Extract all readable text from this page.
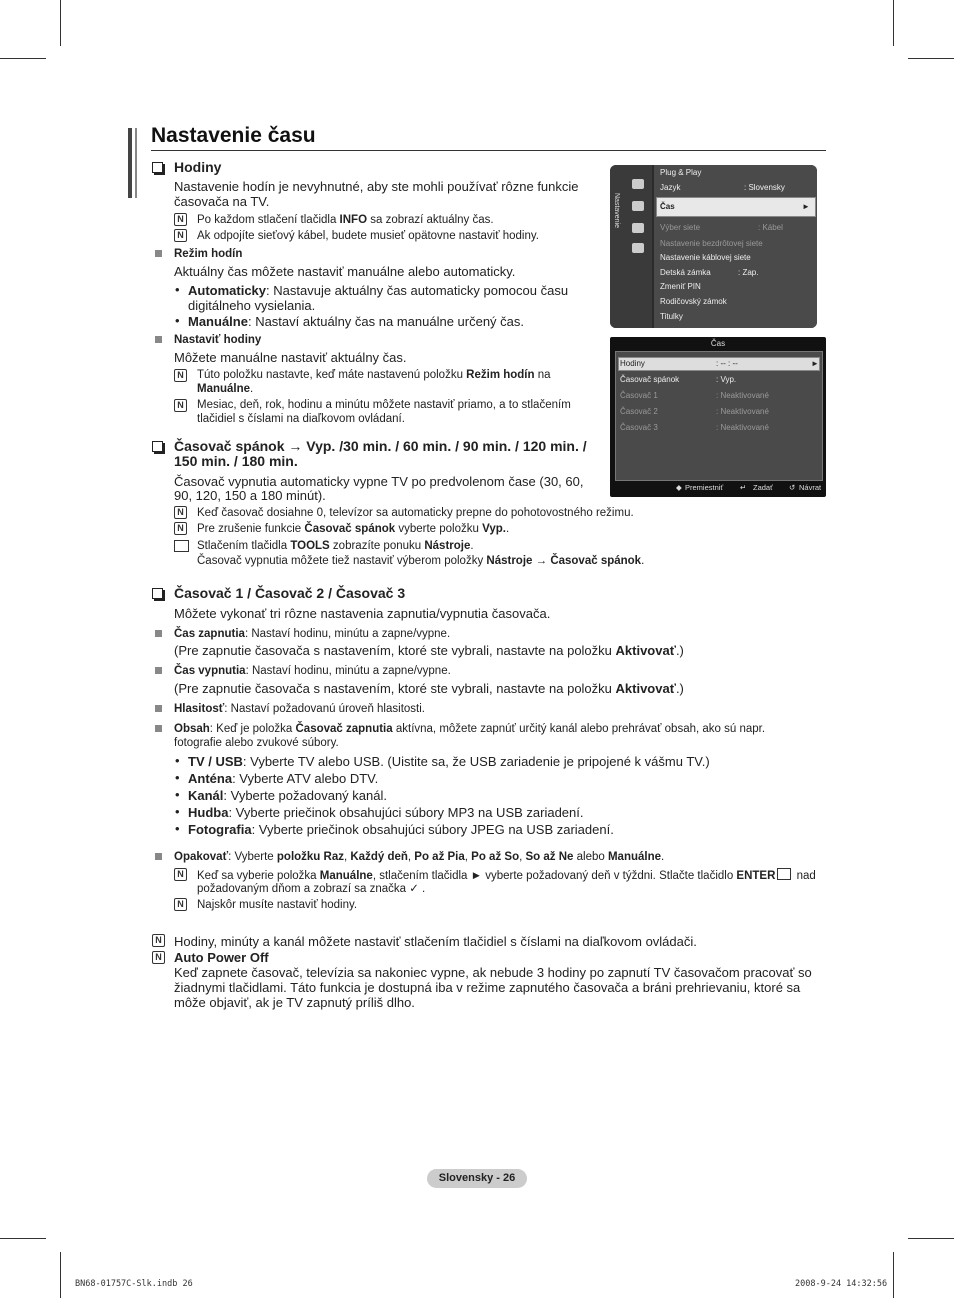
Nastavenie času
Hodiny
Nastavenie hodín je nevyhnutné, aby ste mohli používať rôzne funkcie
časovača na TV.
N Po každom stlačení tlačidla INFO sa zobrazí aktuálny čas.
N Ak odpojíte sieťový kábel, budete musieť opätovne nastaviť hodiny.
Režim hodín
Aktuálny čas môžete nastaviť manuálne alebo automaticky.
• Automaticky: Nastavuje aktuálny čas automaticky pomocou času
digitálneho vysielania.
• Manuálne: Nastaví aktuálny čas na manuálne určený čas.
Nastaviť hodiny
Môžete manuálne nastaviť aktuálny čas.
N Túto položku nastavte, keď máte nastavenú položku Režim hodín na
Manuálne.
N Mesiac, deň, rok, hodinu a minútu môžete nastaviť priamo, a to stlačením
tlačidiel s číslami na diaľkovom ovládaní.
Časovač spánok → Vyp. /30 min. / 60 min. / 90 min. / 120 min. /
150 min. / 180 min.
Časovač vypnutia automaticky vypne TV po predvolenom čase (30, 60,
90, 120, 150 a 180 minút).
N Keď časovač dosiahne 0, televízor sa automaticky prepne do pohotovostného režimu.
N Pre zrušenie funkcie Časovač spánok vyberte položku Vyp..
Stlačením tlačidla TOOLS zobrazíte ponuku Nástroje.
Časovač vypnutia môžete tiež nastaviť výberom položky Nástroje → Časovač spánok.
Časovač 1 / Časovač 2 / Časovač 3
Môžete vykonať tri rôzne nastavenia zapnutia/vypnutia časovača.
Čas zapnutia: Nastaví hodinu, minútu a zapne/vypne.
(Pre zapnutie časovača s nastavením, ktoré ste vybrali, nastavte na položku Aktivovať.)
Čas vypnutia: Nastaví hodinu, minútu a zapne/vypne.
(Pre zapnutie časovača s nastavením, ktoré ste vybrali, nastavte na položku Aktivovať.)
Hlasitosť: Nastaví požadovanú úroveň hlasitosti.
Obsah: Keď je položka Časovač zapnutia aktívna, môžete zapnúť určitý kanál alebo prehrávať obsah, ako sú napr.
fotografie alebo zvukové súbory.
• TV / USB: Vyberte TV alebo USB. (Uistite sa, že USB zariadenie je pripojené k vášmu TV.)
• Anténa: Vyberte ATV alebo DTV.
• Kanál: Vyberte požadovaný kanál.
• Hudba: Vyberte priečinok obsahujúci súbory MP3 na USB zariadení.
• Fotografia: Vyberte priečinok obsahujúci súbory JPEG na USB zariadení.
Opakovať: Vyberte položku Raz, Každý deň, Po až Pia, Po až So, So až Ne alebo Manuálne.
N Keď sa vyberie položka Manuálne, stlačením tlačidla ► vyberte požadovaný deň v týždni. Stlačte tlačidlo ENTER nad
požadovaným dňom a zobrazí sa značka ✓ .
N Najskôr musíte nastaviť hodiny.
N Hodiny, minúty a kanál môžete nastaviť stlačením tlačidiel s číslami na diaľkovom ovládači.
N Auto Power Off
Keď zapnete časovač, televízia sa nakoniec vypne, ak nebude 3 hodiny po zapnutí TV časovačom pracovať so
žiadnymi tlačidlami. Táto funkcia je dostupná iba v režime zapnutého časovača a bráni prehrievaniu, ktoré sa
môže objaviť, ak je TV zapnutý príliš dlho.
Nastavenie
Plug & Play
Jazyk	: Slovensky
Čas	►
Výber siete	: Kábel
Nastavenie bezdrôtovej siete
Nastavenie káblovej siete
Detská zámka	: Zap.
Zmeniť PIN
Rodičovský zámok
Titulky
Čas
Hodiny	: -- : --	►
Časovač spánok	: Vyp.
Časovač 1	: Neaktivované
Časovač 2	: Neaktivované
Časovač 3	: Neaktivované
◆ Premiestniť ↵ Zadať ↺ Návrat
Slovensky - 26
BN68-01757C-Slk.indb 26	2008-9-24 14:32:56
